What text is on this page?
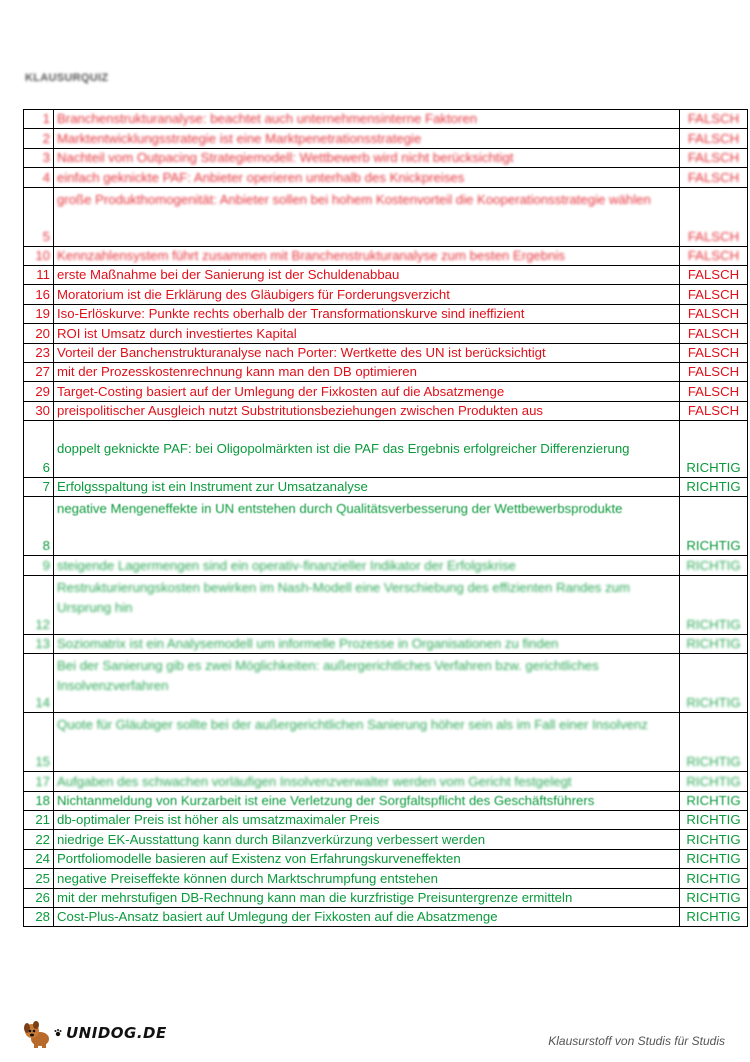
KLAUSURQUIZ
1	Branchenstrukturanalyse: beachtet auch unternehmensinterne Faktoren	FALSCH
2	Marktentwicklungsstrategie ist eine Marktpenetrationsstrategie	FALSCH
3	Nachteil vom Outpacing Strategiemodell: Wettbewerb wird nicht berücksichtigt	FALSCH
4	einfach geknickte PAF: Anbieter operieren unterhalb des Knickpreises	FALSCH
5	große Produkthomogenität: Anbieter sollen bei hohem Kostenvorteil die Kooperationsstrategie wählen	FALSCH
10	Kennzahlensystem führt zusammen mit Branchenstrukturanalyse zum besten Ergebnis	FALSCH
11	erste Maßnahme bei der Sanierung ist der Schuldenabbau	FALSCH
16	Moratorium ist die Erklärung des Gläubigers für Forderungsverzicht	FALSCH
19	Iso-Erlöskurve: Punkte rechts oberhalb der Transformationskurve sind ineffizient	FALSCH
20	ROI ist Umsatz durch investiertes Kapital	FALSCH
23	Vorteil der Banchenstrukturanalyse nach Porter: Wertkette des UN ist berücksichtigt	FALSCH
27	mit der Prozesskostenrechnung kann man den DB optimieren	FALSCH
29	Target-Costing basiert auf der Umlegung der Fixkosten auf die Absatzmenge	FALSCH
30	preispolitischer Ausgleich nutzt Substritutionsbeziehungen zwischen Produkten aus	FALSCH
6	doppelt geknickte PAF: bei Oligopolmärkten ist die PAF das Ergebnis erfolgreicher Differenzierung	RICHTIG
7	Erfolgsspaltung ist ein Instrument zur Umsatzanalyse	RICHTIG
8	negative Mengeneffekte in UN entstehen durch Qualitätsverbesserung der Wettbewerbsprodukte	RICHTIG
9	steigende Lagermengen sind ein operativ-finanzieller Indikator der Erfolgskrise	RICHTIG
12	Restrukturierungskosten bewirken im Nash-Modell eine Verschiebung des effizienten Randes zum Ursprung hin	RICHTIG
13	Soziomatrix ist ein Analysemodell um informelle Prozesse in Organisationen zu finden	RICHTIG
14	Bei der Sanierung gib es zwei Möglichkeiten: außergerichtliches Verfahren bzw. gerichtliches Insolvenzverfahren	RICHTIG
15	Quote für Gläubiger sollte bei der außergerichtlichen Sanierung höher sein als im Fall einer Insolvenz	RICHTIG
17	Aufgaben des schwachen vorläufigen Insolvenzverwalter werden vom Gericht festgelegt	RICHTIG
18	Nichtanmeldung von Kurzarbeit ist eine Verletzung der Sorgfaltspflicht des Geschäftsführers	RICHTIG
21	db-optimaler Preis ist höher als umsatzmaximaler Preis	RICHTIG
22	niedrige EK-Ausstattung kann durch Bilanzverkürzung verbessert werden	RICHTIG
24	Portfoliomodelle basieren auf Existenz von Erfahrungskurveneffekten	RICHTIG
25	negative Preiseffekte können durch Marktschrumpfung entstehen	RICHTIG
26	mit der mehrstufigen DB-Rechnung kann man die kurzfristige Preisuntergrenze ermitteln	RICHTIG
28	Cost-Plus-Ansatz basiert auf Umlegung der Fixkosten auf die Absatzmenge	RICHTIG
UNIDOG.DE	Klausurstoff von Studis für Studis
